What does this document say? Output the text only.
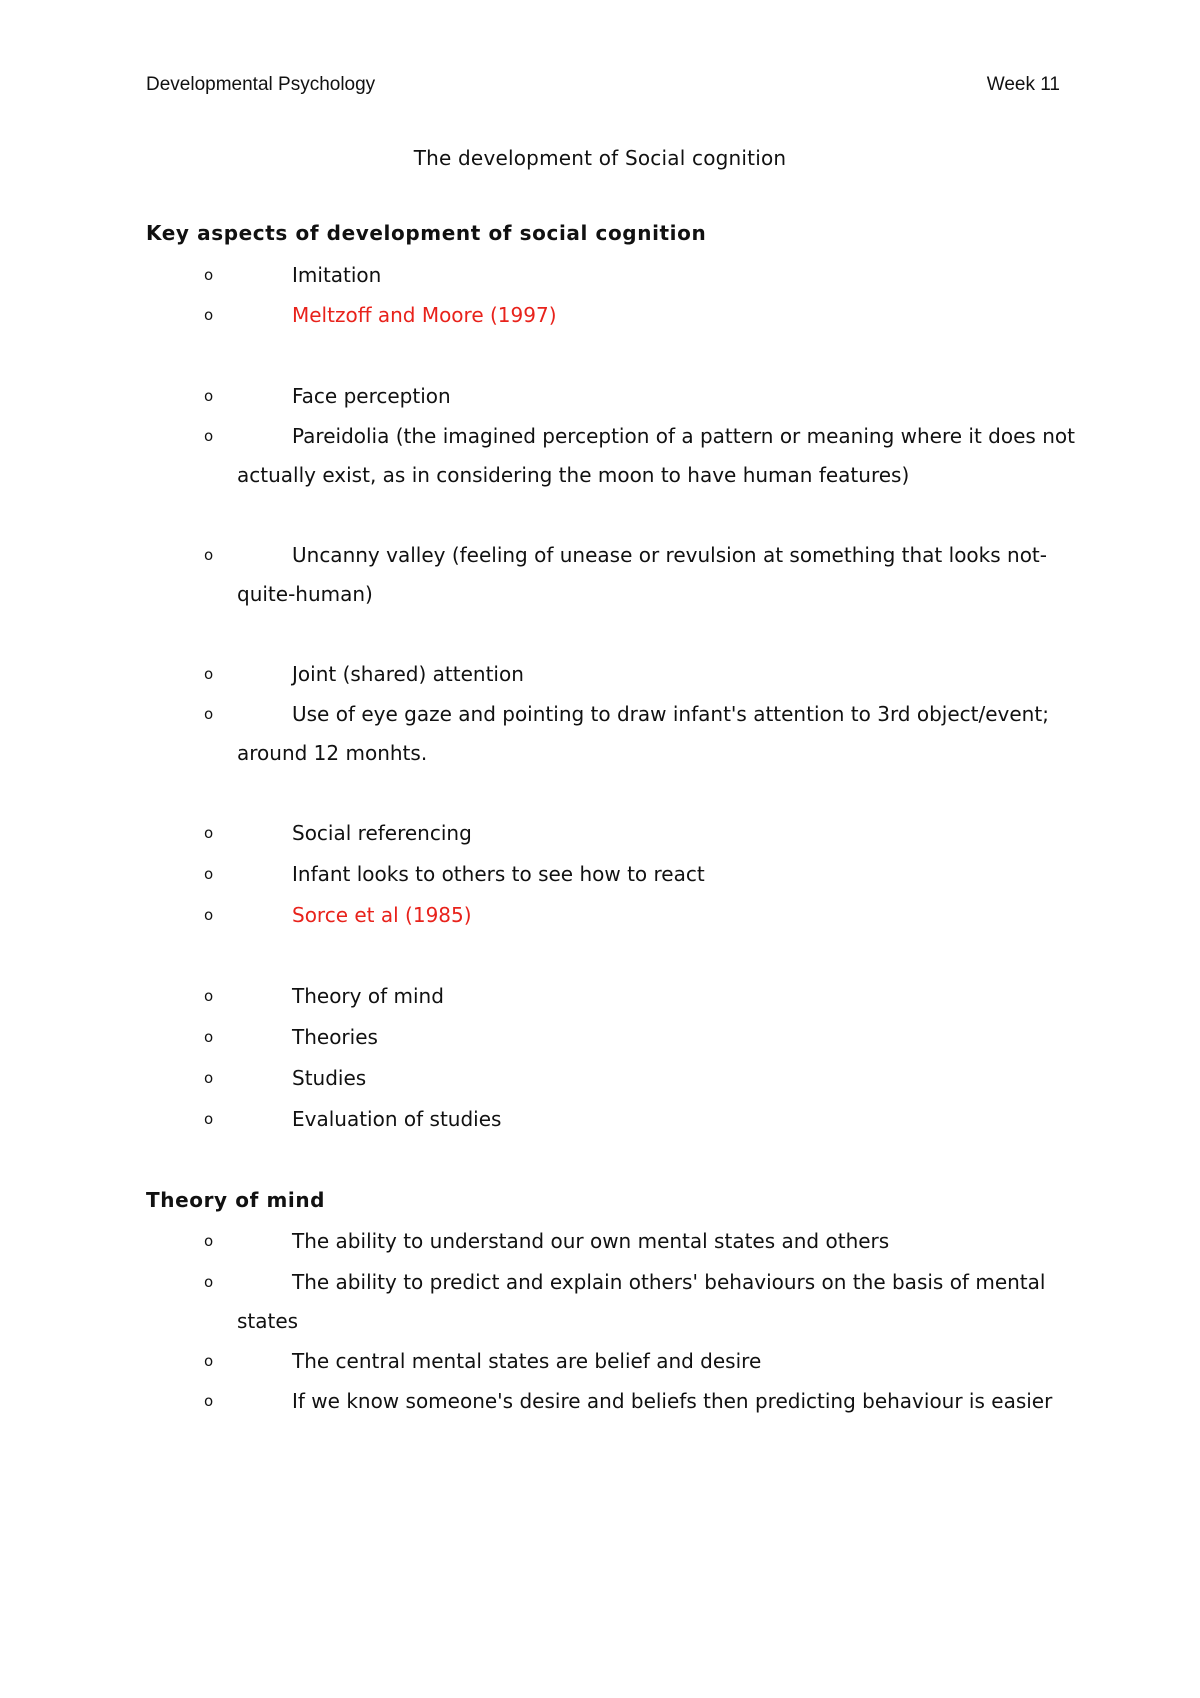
Developmental Psychology	Week 11
The development of Social cognition
Key aspects of development of social cognition
o	Imitation
o	Meltzoff and Moore (1997)
o	Face perception
o	Pareidolia (the imagined perception of a pattern or meaning where it does not actually exist, as in considering the moon to have human features)
o	Uncanny valley (feeling of unease or revulsion at something that looks not-quite-human)
o	Joint (shared) attention
o	Use of eye gaze and pointing to draw infant's attention to 3rd object/event; around 12 monhts.
o	Social referencing
o	Infant looks to others to see how to react
o	Sorce et al (1985)
o	Theory of mind
o	Theories
o	Studies
o	Evaluation of studies
Theory of mind
o	The ability to understand our own mental states and others
o	The ability to predict and explain others' behaviours on the basis of mental states
o	The central mental states are belief and desire
o	If we know someone's desire and beliefs then predicting behaviour is easier
